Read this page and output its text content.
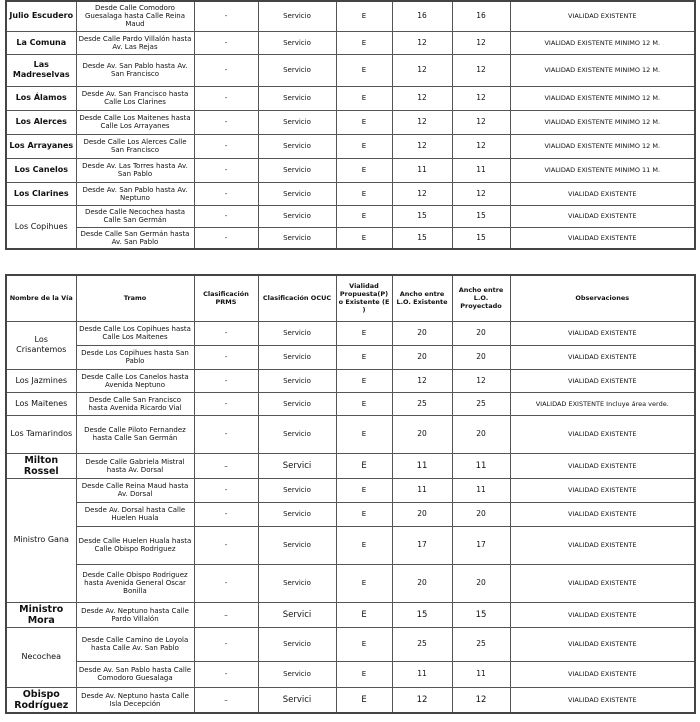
Julio Escudero	Desde Calle Comodoro Guesalaga hasta Calle Reina Maud	-	Servicio	E	16	16	VIALIDAD EXISTENTE
La Comuna	Desde Calle Pardo Villalón hasta Av. Las Rejas	-	Servicio	E	12	12	VIALIDAD EXISTENTE MINIMO 12 M.
Las Madreselvas	Desde Av. San Pablo hasta Av. San Francisco	-	Servicio	E	12	12	VIALIDAD EXISTENTE MINIMO 12 M.
Los Álamos	Desde Av. San Francisco hasta Calle Los Clarines	-	Servicio	E	12	12	VIALIDAD EXISTENTE MINIMO 12 M.
Los Alerces	Desde Calle Los Maitenes hasta Calle Los Arrayanes	-	Servicio	E	12	12	VIALIDAD EXISTENTE MINIMO 12 M.
Los Arrayanes	Desde Calle Los Alerces Calle San Francisco	-	Servicio	E	12	12	VIALIDAD EXISTENTE MINIMO 12 M.
Los Canelos	Desde Av. Las Torres hasta Av. San Pablo	-	Servicio	E	11	11	VIALIDAD EXISTENTE MINIMO 11 M.
Los Clarines	Desde Av. San Pablo hasta Av. Neptuno	-	Servicio	E	12	12	VIALIDAD EXISTENTE
Los Copihues	Desde Calle Necochea hasta Calle San Germán	-	Servicio	E	15	15	VIALIDAD EXISTENTE
	Desde Calle San Germán hasta Av. San Pablo	-	Servicio	E	15	15	VIALIDAD EXISTENTE
Nombre de la Vía	Tramo	Clasificación PRMS	Clasificación OCUC	Vialidad Propuesta(P) o Existente (E )	Ancho entre L.O. Existente	Ancho entre L.O. Proyectado	Observaciones
Los Crisantemos	Desde Calle Los Copihues hasta Calle Los Maitenes	-	Servicio	E	20	20	VIALIDAD EXISTENTE
	Desde Los Copihues hasta San Pablo	-	Servicio	E	20	20	VIALIDAD EXISTENTE
Los Jazmines	Desde Calle Los Canelos hasta Avenida Neptuno	-	Servicio	E	12	12	VIALIDAD EXISTENTE
Los Maitenes	Desde Calle San Francisco hasta Avenida Ricardo Vial	-	Servicio	E	25	25	VIALIDAD EXISTENTE Incluye área verde.
Los Tamarindos	Desde Calle Piloto Fernandez hasta Calle San Germán	-	Servicio	E	20	20	VIALIDAD EXISTENTE
Milton Rossel	Desde Calle Gabriela Mistral hasta Av. Dorsal	–	Servici	E	11	11	VIALIDAD EXISTENTE
Ministro Gana	Desde Calle Reina Maud hasta Av. Dorsal	-	Servicio	E	11	11	VIALIDAD EXISTENTE
	Desde Av. Dorsal hasta Calle Huelen Huala	-	Servicio	E	20	20	VIALIDAD EXISTENTE
	Desde Calle Huelen Huala hasta Calle Obispo Rodriguez	-	Servicio	E	17	17	VIALIDAD EXISTENTE
	Desde Calle Obispo Rodriguez hasta Avenida General Oscar Bonilla	-	Servicio	E	20	20	VIALIDAD EXISTENTE
Ministro Mora	Desde Av. Neptuno hasta Calle Pardo Villalón	–	Servici	E	15	15	VIALIDAD EXISTENTE
Necochea	Desde Calle Camino de Loyola hasta Calle Av. San Pablo	-	Servicio	E	25	25	VIALIDAD EXISTENTE
	Desde Av. San Pablo hasta Calle Comodoro Guesalaga	-	Servicio	E	11	11	VIALIDAD EXISTENTE
Obispo Rodríguez	Desde Av. Neptuno hasta Calle Isla Decepción	–	Servici	E	12	12	VIALIDAD EXISTENTE
